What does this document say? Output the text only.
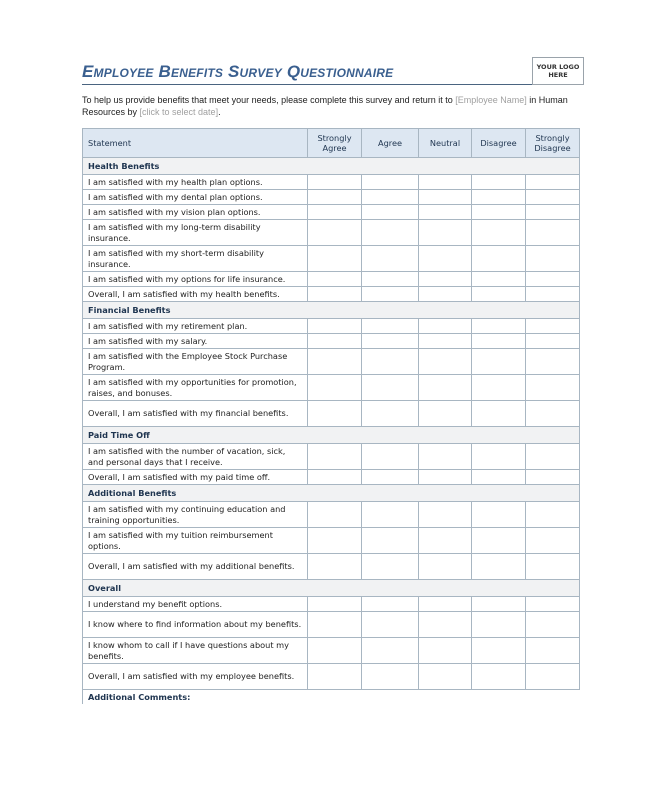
Employee Benefits Survey Questionnaire	YOUR LOGO
HERE
To help us provide benefits that meet your needs, please complete this survey and return it to [Employee Name] in Human Resources by [click to select date].
Statement	Strongly Agree	Agree	Neutral	Disagree	Strongly Disagree
Health Benefits					
I am satisfied with my health plan options.					
I am satisfied with my dental plan options.					
I am satisfied with my vision plan options.					
I am satisfied with my long-term disability insurance.					
I am satisfied with my short-term disability insurance.					
I am satisfied with my options for life insurance.					
Overall, I am satisfied with my health benefits.					
Financial Benefits					
I am satisfied with my retirement plan.					
I am satisfied with my salary.					
I am satisfied with the Employee Stock Purchase Program.					
I am satisfied with my opportunities for promotion, raises, and bonuses.					
Overall, I am satisfied with my financial benefits.					
Paid Time Off					
I am satisfied with the number of vacation, sick, and personal days that I receive.					
Overall, I am satisfied with my paid time off.					
Additional Benefits					
I am satisfied with my continuing education and training opportunities.					
I am satisfied with my tuition reimbursement options.					
Overall, I am satisfied with my additional benefits.					
Overall					
I understand my benefit options.					
I know where to find information about my benefits.					
I know whom to call if I have questions about my benefits.					
Overall, I am satisfied with my employee benefits.					
Additional Comments:					
